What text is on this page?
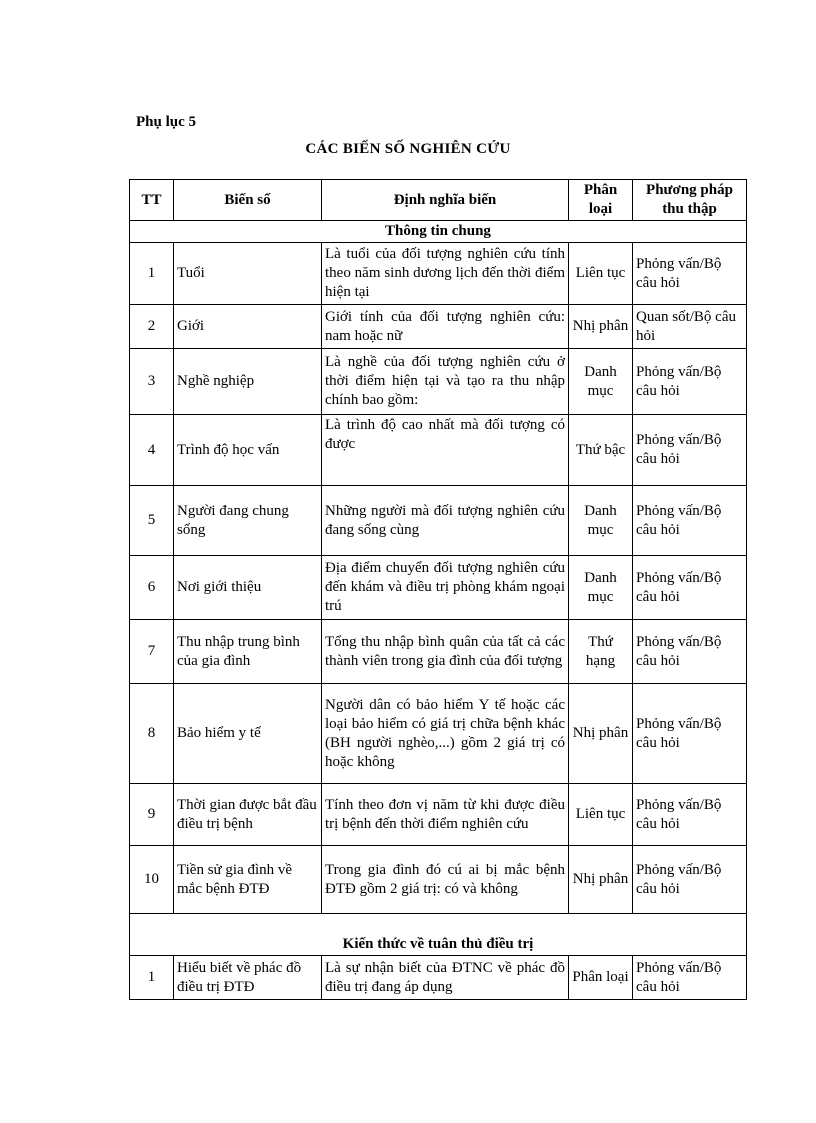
Phụ lục 5
CÁC BIẾN SỐ NGHIÊN CỨU
TT	Biến số	Định nghĩa biến	Phân loại	Phương pháp thu thập
Thông tin chung				
1	Tuổi	Là tuổi của đối tượng nghiên cứu tính theo năm sinh dương lịch đến thời điểm hiện tại	Liên tục	Phỏng vấn/Bộ câu hỏi
2	Giới	Giới tính của đối tượng nghiên cứu: nam hoặc nữ	Nhị phân	Quan sốt/Bộ câu hỏi
3	Nghề nghiệp	Là nghề của đối tượng nghiên cứu ở thời điểm hiện tại và tạo ra thu nhập chính bao gồm:	Danh mục	Phỏng vấn/Bộ câu hỏi
4	Trình độ học vấn	Là trình độ cao nhất mà đối tượng có được	Thứ bậc	Phỏng vấn/Bộ câu hỏi
5	Người đang chung sống	Những người mà đối tượng nghiên cứu đang sống cùng	Danh mục	Phỏng vấn/Bộ câu hỏi
6	Nơi giới thiệu	Địa điểm chuyển đối tượng nghiên cứu đến khám và điều trị phòng khám ngoại trú	Danh mục	Phỏng vấn/Bộ câu hỏi
7	Thu nhập trung bình của gia đình	Tổng thu nhập bình quân của tất cả các thành viên trong gia đình của đối tượng	Thứ hạng	Phỏng vấn/Bộ câu hỏi
8	Bảo hiểm y tế	Người dân có bảo hiểm Y tế hoặc các loại bảo hiểm có giá trị chữa bệnh khác (BH người nghèo,...) gồm 2 giá trị có hoặc không	Nhị phân	Phỏng vấn/Bộ câu hỏi
9	Thời gian được bắt đầu điều trị bệnh	Tính theo đơn vị năm từ khi được điều trị bệnh đến thời điểm nghiên cứu	Liên tục	Phỏng vấn/Bộ câu hỏi
10	Tiền sử gia đình về mắc bệnh ĐTĐ	Trong gia đình đó cú ai bị mắc bệnh ĐTĐ gồm 2 giá trị: có và không	Nhị phân	Phỏng vấn/Bộ câu hỏi
Kiến thức về tuân thủ điều trị				
1	Hiểu biết về phác đồ điều trị ĐTĐ	Là sự nhận biết của ĐTNC về phác đồ điều trị đang áp dụng	Phân loại	Phỏng vấn/Bộ câu hỏi
